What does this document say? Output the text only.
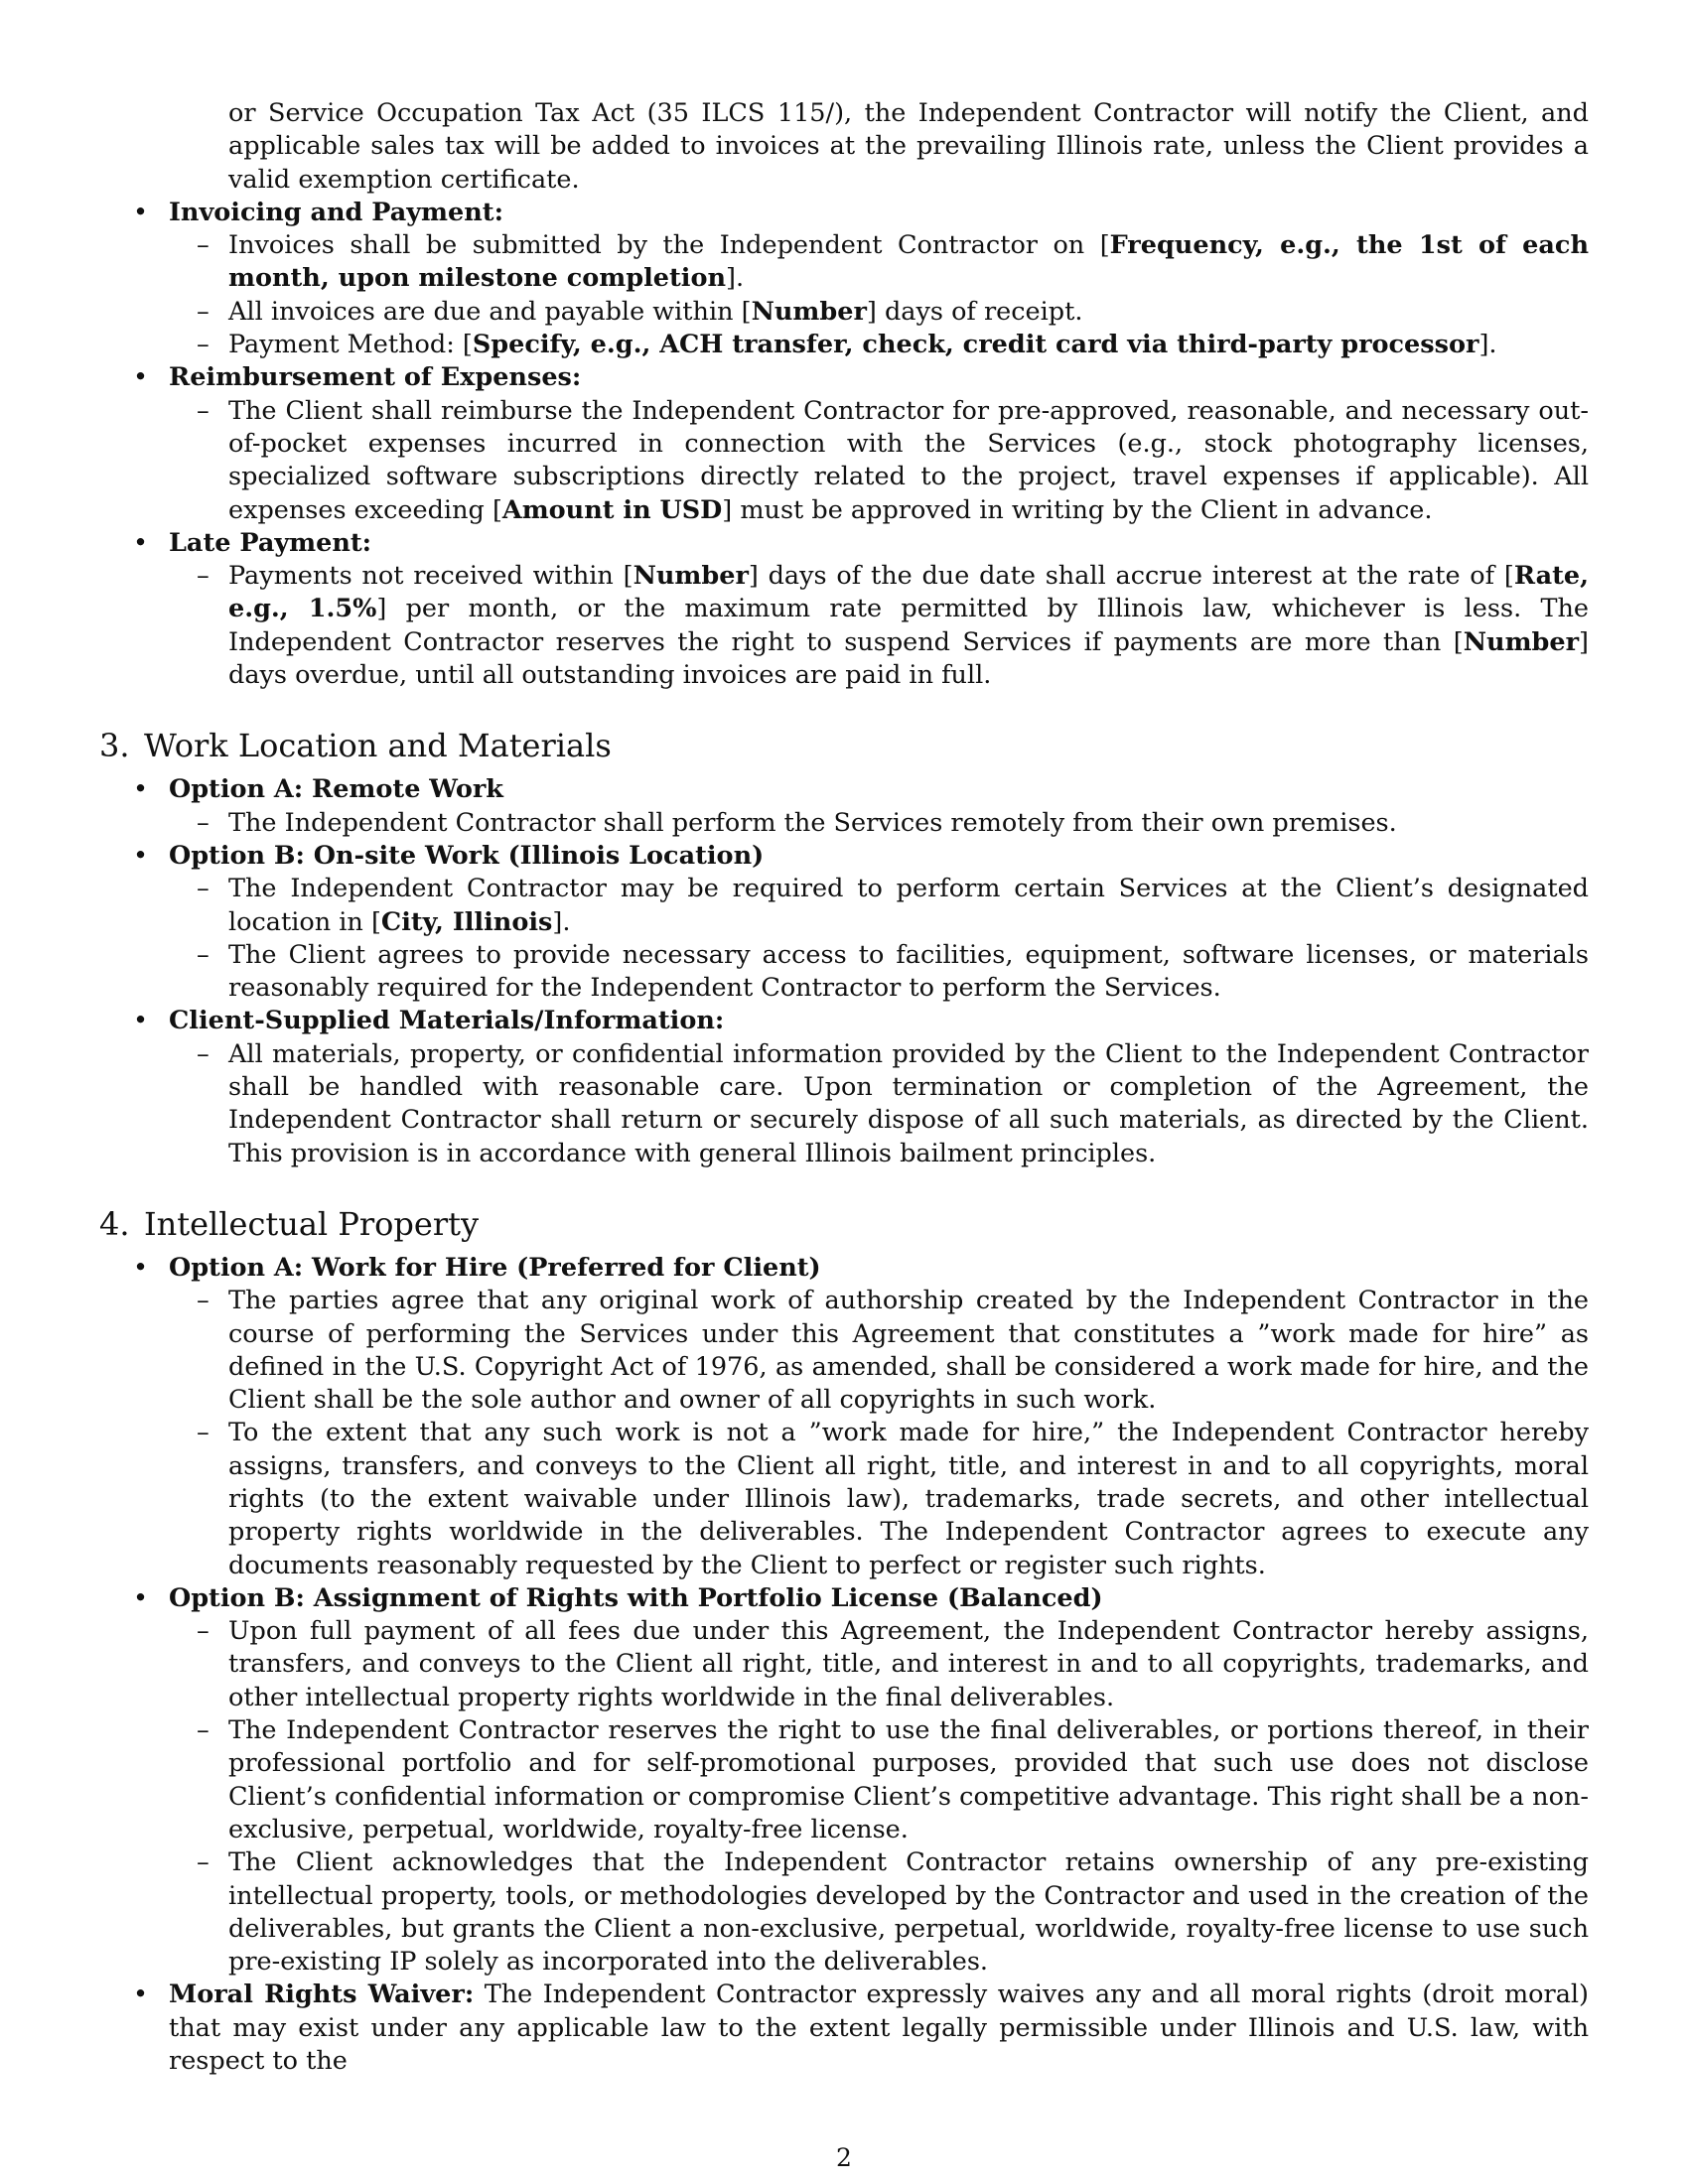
or Service Occupation Tax Act (35 ILCS 115/), the Independent Contractor will notify the Client, and applicable sales tax will be added to invoices at the prevailing Illinois rate, unless the Client provides a valid exemption certificate.

• Invoicing and Payment:
– Invoices shall be submitted by the Independent Contractor on [Frequency, e.g., the 1st of each month, upon milestone completion].
– All invoices are due and payable within [Number] days of receipt.
– Payment Method: [Specify, e.g., ACH transfer, check, credit card via third-party processor].
• Reimbursement of Expenses:
– The Client shall reimburse the Independent Contractor for pre-approved, reasonable, and necessary out-of-pocket expenses incurred in connection with the Services (e.g., stock photography licenses, specialized software subscriptions directly related to the project, travel expenses if applicable). All expenses exceeding [Amount in USD] must be approved in writing by the Client in advance.
• Late Payment:
– Payments not received within [Number] days of the due date shall accrue interest at the rate of [Rate, e.g., 1.5%] per month, or the maximum rate permitted by Illinois law, whichever is less. The Independent Contractor reserves the right to suspend Services if payments are more than [Number] days overdue, until all outstanding invoices are paid in full.
3. Work Location and Materials
• Option A: Remote Work
– The Independent Contractor shall perform the Services remotely from their own premises.
• Option B: On-site Work (Illinois Location)
– The Independent Contractor may be required to perform certain Services at the Client’s designated location in [City, Illinois].
– The Client agrees to provide necessary access to facilities, equipment, software licenses, or materials reasonably required for the Independent Contractor to perform the Services.
• Client-Supplied Materials/Information:
– All materials, property, or confidential information provided by the Client to the Independent Contractor shall be handled with reasonable care. Upon termination or completion of the Agreement, the Independent Contractor shall return or securely dispose of all such materials, as directed by the Client. This provision is in accordance with general Illinois bailment principles.
4. Intellectual Property
• Option A: Work for Hire (Preferred for Client)
– The parties agree that any original work of authorship created by the Independent Contractor in the course of performing the Services under this Agreement that constitutes a ”work made for hire” as defined in the U.S. Copyright Act of 1976, as amended, shall be considered a work made for hire, and the Client shall be the sole author and owner of all copyrights in such work.
– To the extent that any such work is not a ”work made for hire,” the Independent Contractor hereby assigns, transfers, and conveys to the Client all right, title, and interest in and to all copyrights, moral rights (to the extent waivable under Illinois law), trademarks, trade secrets, and other intellectual property rights worldwide in the deliverables. The Independent Contractor agrees to execute any documents reasonably requested by the Client to perfect or register such rights.
• Option B: Assignment of Rights with Portfolio License (Balanced)
– Upon full payment of all fees due under this Agreement, the Independent Contractor hereby assigns, transfers, and conveys to the Client all right, title, and interest in and to all copyrights, trademarks, and other intellectual property rights worldwide in the final deliverables.
– The Independent Contractor reserves the right to use the final deliverables, or portions thereof, in their professional portfolio and for self-promotional purposes, provided that such use does not disclose Client’s confidential information or compromise Client’s competitive advantage. This right shall be a non-exclusive, perpetual, worldwide, royalty-free license.
– The Client acknowledges that the Independent Contractor retains ownership of any pre-existing intellectual property, tools, or methodologies developed by the Contractor and used in the creation of the deliverables, but grants the Client a non-exclusive, perpetual, worldwide, royalty-free license to use such pre-existing IP solely as incorporated into the deliverables.
• Moral Rights Waiver: The Independent Contractor expressly waives any and all moral rights (droit moral) that may exist under any applicable law to the extent legally permissible under Illinois and U.S. law, with respect to the
2
